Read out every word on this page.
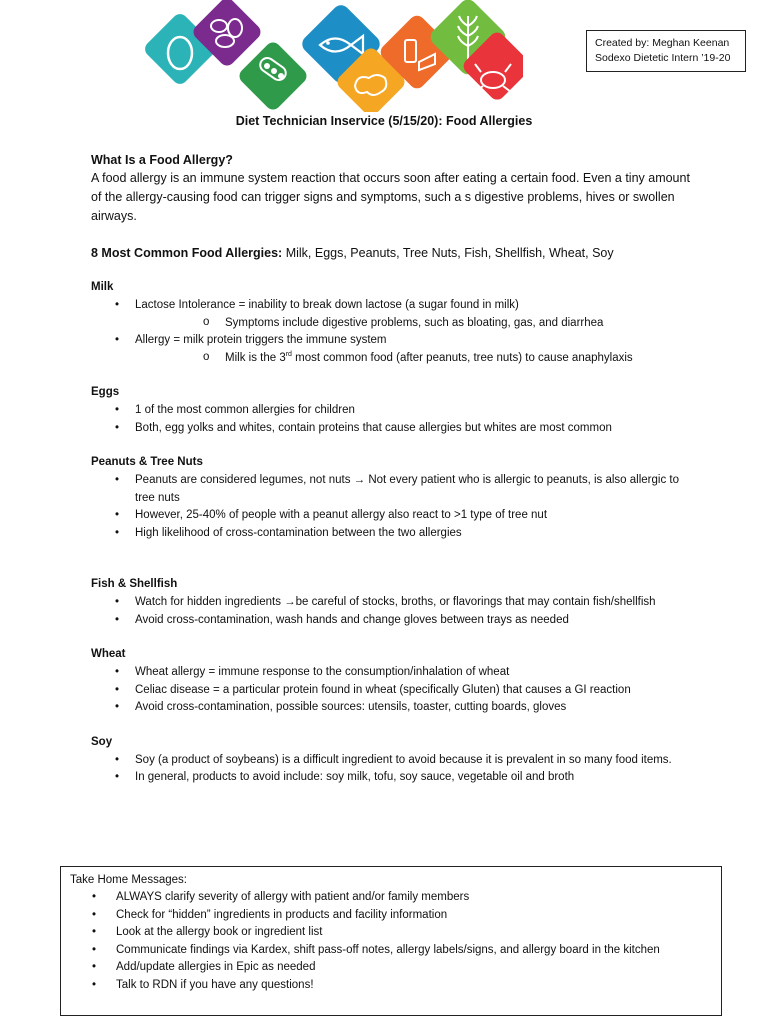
Created by: Meghan Keenan
Sodexo Dietetic Intern ’19-20
Diet Technician Inservice (5/15/20): Food Allergies
What Is a Food Allergy?
A food allergy is an immune system reaction that occurs soon after eating a certain food. Even a tiny amount of the allergy-causing food can trigger signs and symptoms, such a s digestive problems, hives or swollen airways.
8 Most Common Food Allergies: Milk, Eggs, Peanuts, Tree Nuts, Fish, Shellfish, Wheat, Soy
Milk
• Lactose Intolerance = inability to break down lactose (a sugar found in milk)
o Symptoms include digestive problems, such as bloating, gas, and diarrhea
• Allergy = milk protein triggers the immune system
o Milk is the 3rd most common food (after peanuts, tree nuts) to cause anaphylaxis
Eggs
• 1 of the most common allergies for children
• Both, egg yolks and whites, contain proteins that cause allergies but whites are most common
Peanuts & Tree Nuts
• Peanuts are considered legumes, not nuts → Not every patient who is allergic to peanuts, is also allergic to tree nuts
• However, 25-40% of people with a peanut allergy also react to >1 type of tree nut
• High likelihood of cross-contamination between the two allergies
Fish & Shellfish
• Watch for hidden ingredients →be careful of stocks, broths, or flavorings that may contain fish/shellfish
• Avoid cross-contamination, wash hands and change gloves between trays as needed
Wheat
• Wheat allergy = immune response to the consumption/inhalation of wheat
• Celiac disease = a particular protein found in wheat (specifically Gluten) that causes a GI reaction
• Avoid cross-contamination, possible sources: utensils, toaster, cutting boards, gloves
Soy
• Soy (a product of soybeans) is a difficult ingredient to avoid because it is prevalent in so many food items.
• In general, products to avoid include: soy milk, tofu, soy sauce, vegetable oil and broth
Take Home Messages:
• ALWAYS clarify severity of allergy with patient and/or family members
• Check for “hidden” ingredients in products and facility information
• Look at the allergy book or ingredient list
• Communicate findings via Kardex, shift pass-off notes, allergy labels/signs, and allergy board in the kitchen
• Add/update allergies in Epic as needed
• Talk to RDN if you have any questions!
